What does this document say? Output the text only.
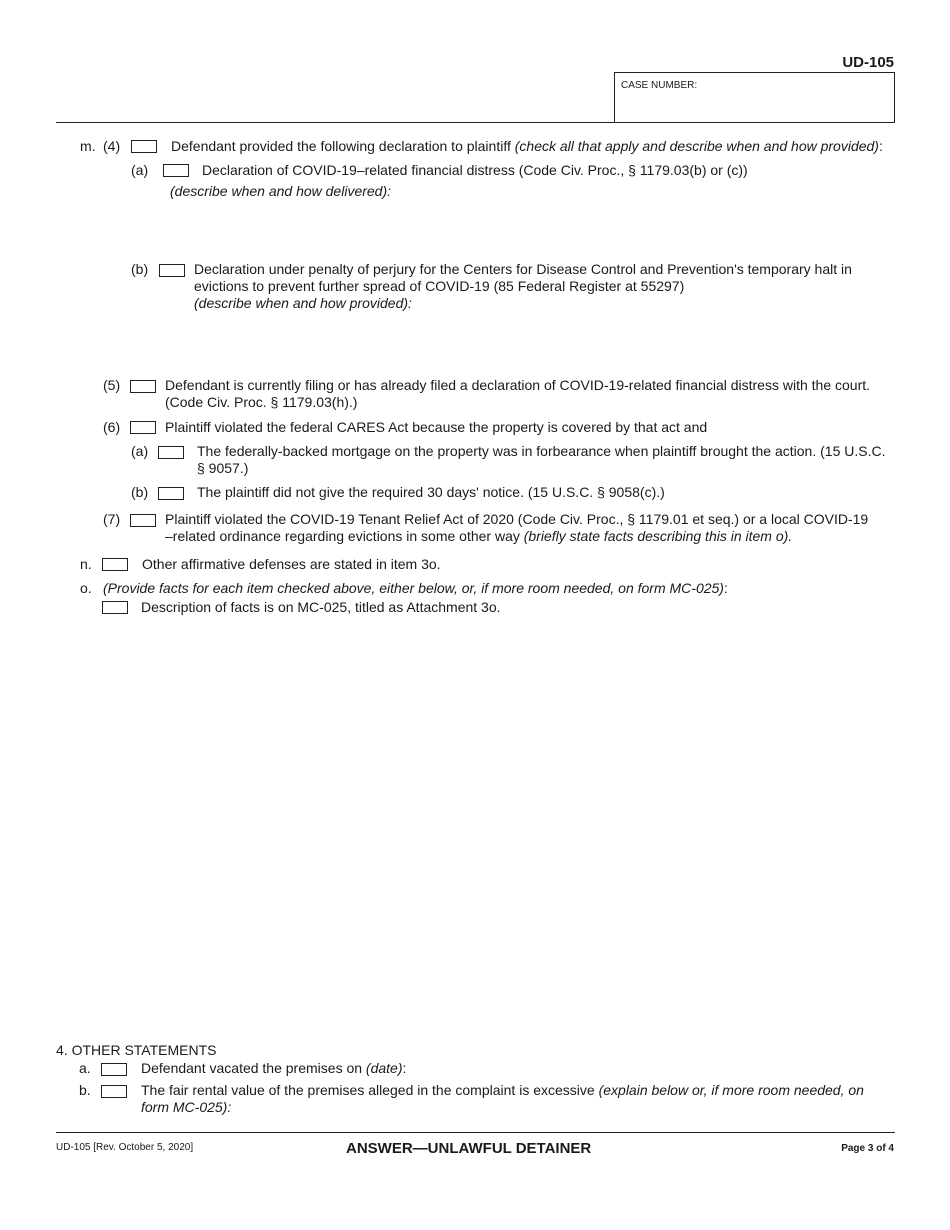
UD-105
CASE NUMBER:
m. (4)	Defendant provided the following declaration to plaintiff (check all that apply and describe when and how provided):
(a)	Declaration of COVID-19–related financial distress (Code Civ. Proc., § 1179.03(b) or (c))
(describe when and how delivered):
(b)	Declaration under penalty of perjury for the Centers for Disease Control and Prevention's temporary halt in
evictions to prevent further spread of COVID-19 (85 Federal Register at 55297)
(describe when and how provided):
(5)	Defendant is currently filing or has already filed a declaration of COVID-19-related financial distress with the court.
(Code Civ. Proc. § 1179.03(h).)
(6)	Plaintiff violated the federal CARES Act because the property is covered by that act and
(a)	The federally-backed mortgage on the property was in forbearance when plaintiff brought the action. (15 U.S.C.
§ 9057.)
(b)	The plaintiff did not give the required 30 days' notice. (15 U.S.C. § 9058(c).)
(7)	Plaintiff violated the COVID-19 Tenant Relief Act of 2020 (Code Civ. Proc., § 1179.01 et seq.) or a local COVID-19
–related ordinance regarding evictions in some other way (briefly state facts describing this in item o).
n.	Other affirmative defenses are stated in item 3o.
o. (Provide facts for each item checked above, either below, or, if more room needed, on form MC-025):
Description of facts is on MC-025, titled as Attachment 3o.
4. OTHER STATEMENTS
a.	Defendant vacated the premises on (date):
b.	The fair rental value of the premises alleged in the complaint is excessive (explain below or, if more room needed, on
form MC-025):
UD-105 [Rev. October 5, 2020]	ANSWER—UNLAWFUL DETAINER	Page 3 of 4
